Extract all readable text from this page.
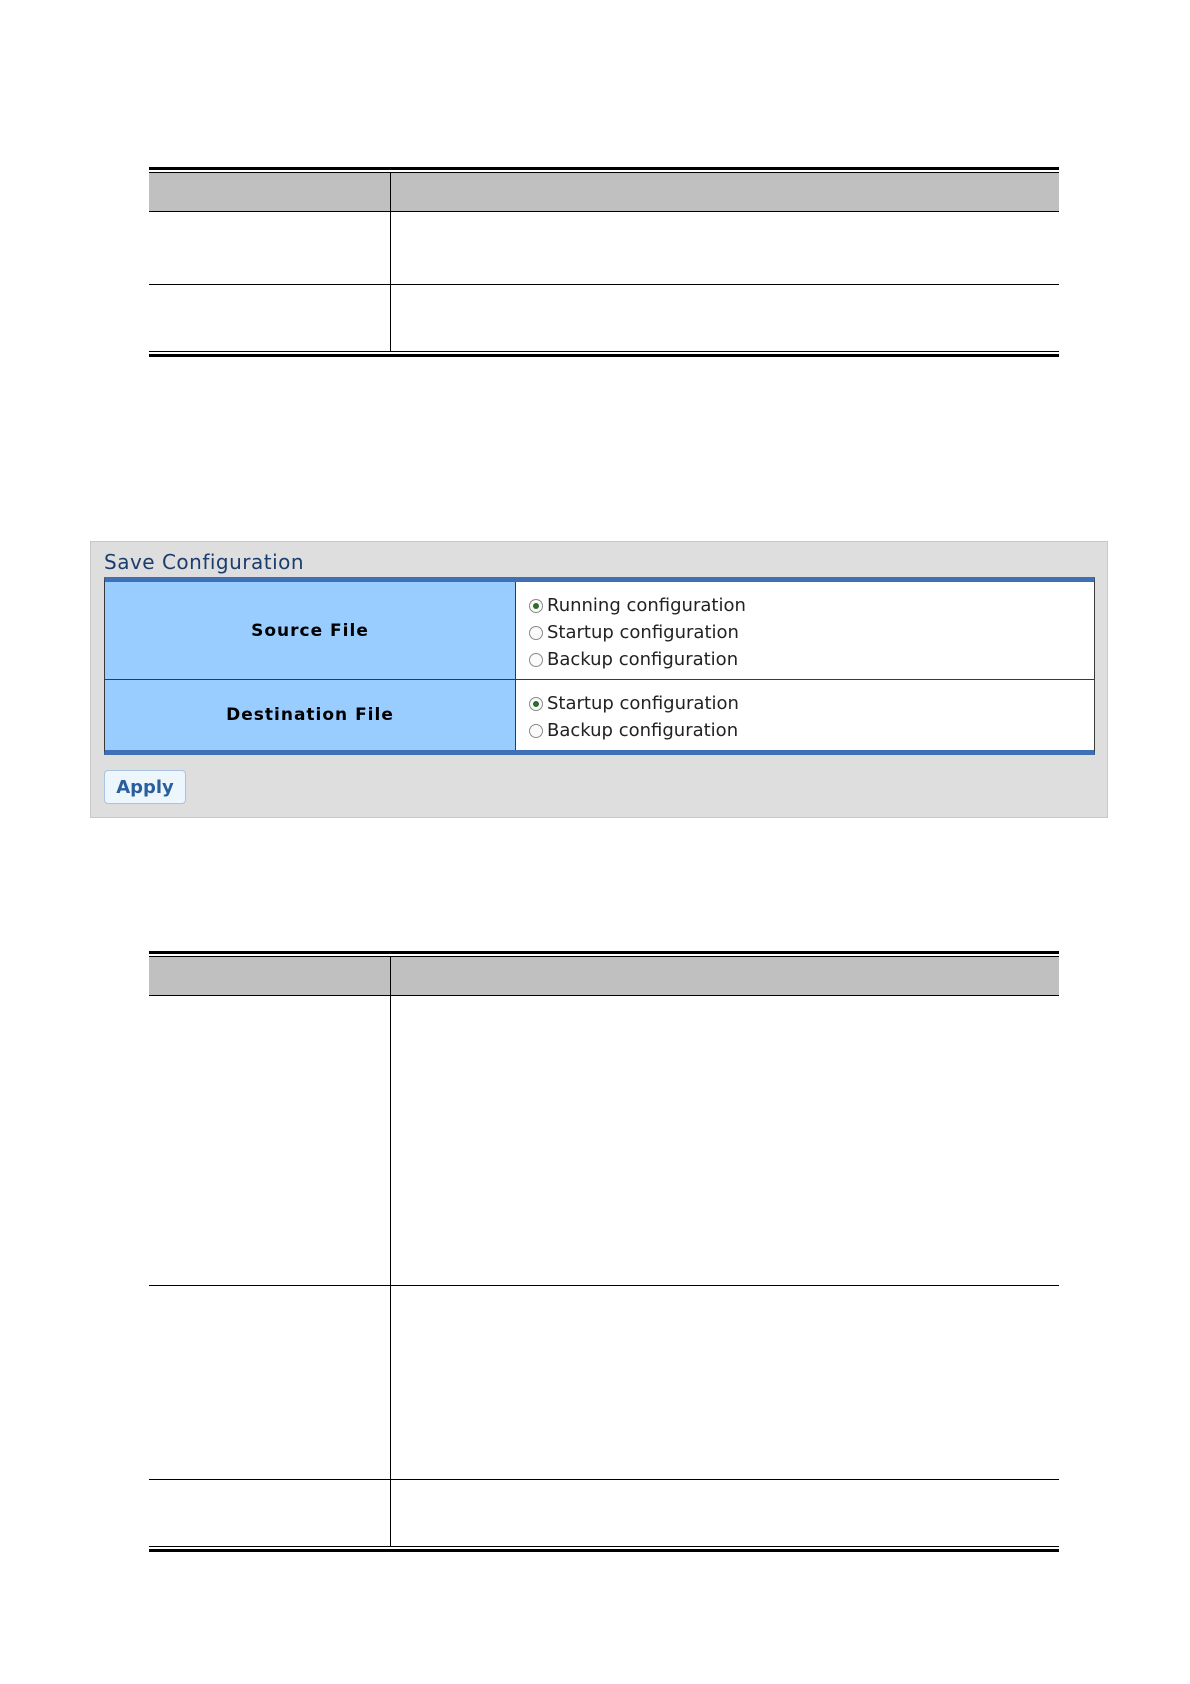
Save Configuration
Source File
Running configuration
Startup configuration
Backup configuration
Destination File
Startup configuration
Backup configuration
Apply
